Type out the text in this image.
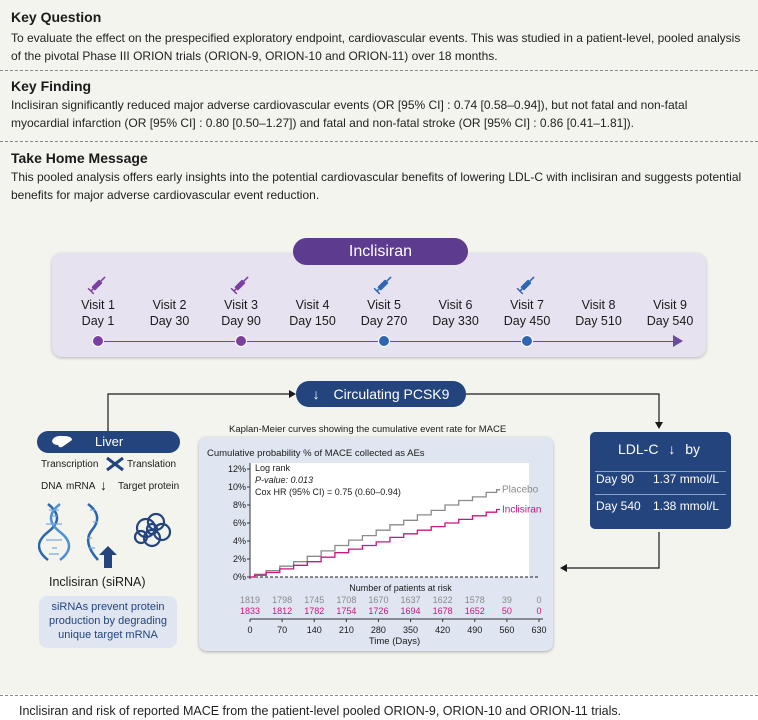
Key Question
To evaluate the effect on the prespecified exploratory endpoint, cardiovascular events. This was studied in a patient-level, pooled analysis of the pivotal Phase III ORION trials (ORION-9, ORION-10 and ORION-11) over 18 months.
Key Finding
Inclisiran significantly reduced major adverse cardiovascular events (OR [95% CI] : 0.74 [0.58–0.94]), but not fatal and non-fatal myocardial infarction (OR [95% CI] : 0.80 [0.50–1.27]) and fatal and non-fatal stroke (OR [95% CI] : 0.86 [0.41–1.81]).
Take Home Message
This pooled analysis offers early insights into the potential cardiovascular benefits of lowering LDL-C with inclisiran and suggests potential benefits for major adverse cardiovascular event reduction.
Visit 1
Day 1
Visit 2
Day 30
Visit 3
Day 90
Visit 4
Day 150
Visit 5
Day 270
Visit 6
Day 330
Visit 7
Day 450
Visit 8
Day 510
Visit 9
Day 540
Inclisiran
↓ Circulating PCSK9
Liver
Transcription	Translation
DNA mRNA ↓ Target protein
Inclisiran (siRNA)
siRNAs prevent protein
production by degrading
unique target mRNA
Kaplan-Meier curves showing the cumulative event rate for MACE
Cumulative probability % of MACE collected as AEs
0%
2%
4%
6%
8%
10%
12%
Placebo
Inclisiran
Log rank
P-value: 0.013
Cox HR (95% CI) = 0.75 (0.60–0.94)
Number of patients at risk
1819 1798 1745 1708 1670 1637 1622 1578 39	0
1833 1812 1782 1754 1726 1694 1678 1652 50	0
0	70 140 210 280 350 420 490 560 630
Time (Days)
LDL-C ↓ by
Day 90 1.37 mmol/L
Day 540 1.38 mmol/L
Inclisiran and risk of reported MACE from the patient-level pooled ORION-9, ORION-10 and ORION-11 trials.
